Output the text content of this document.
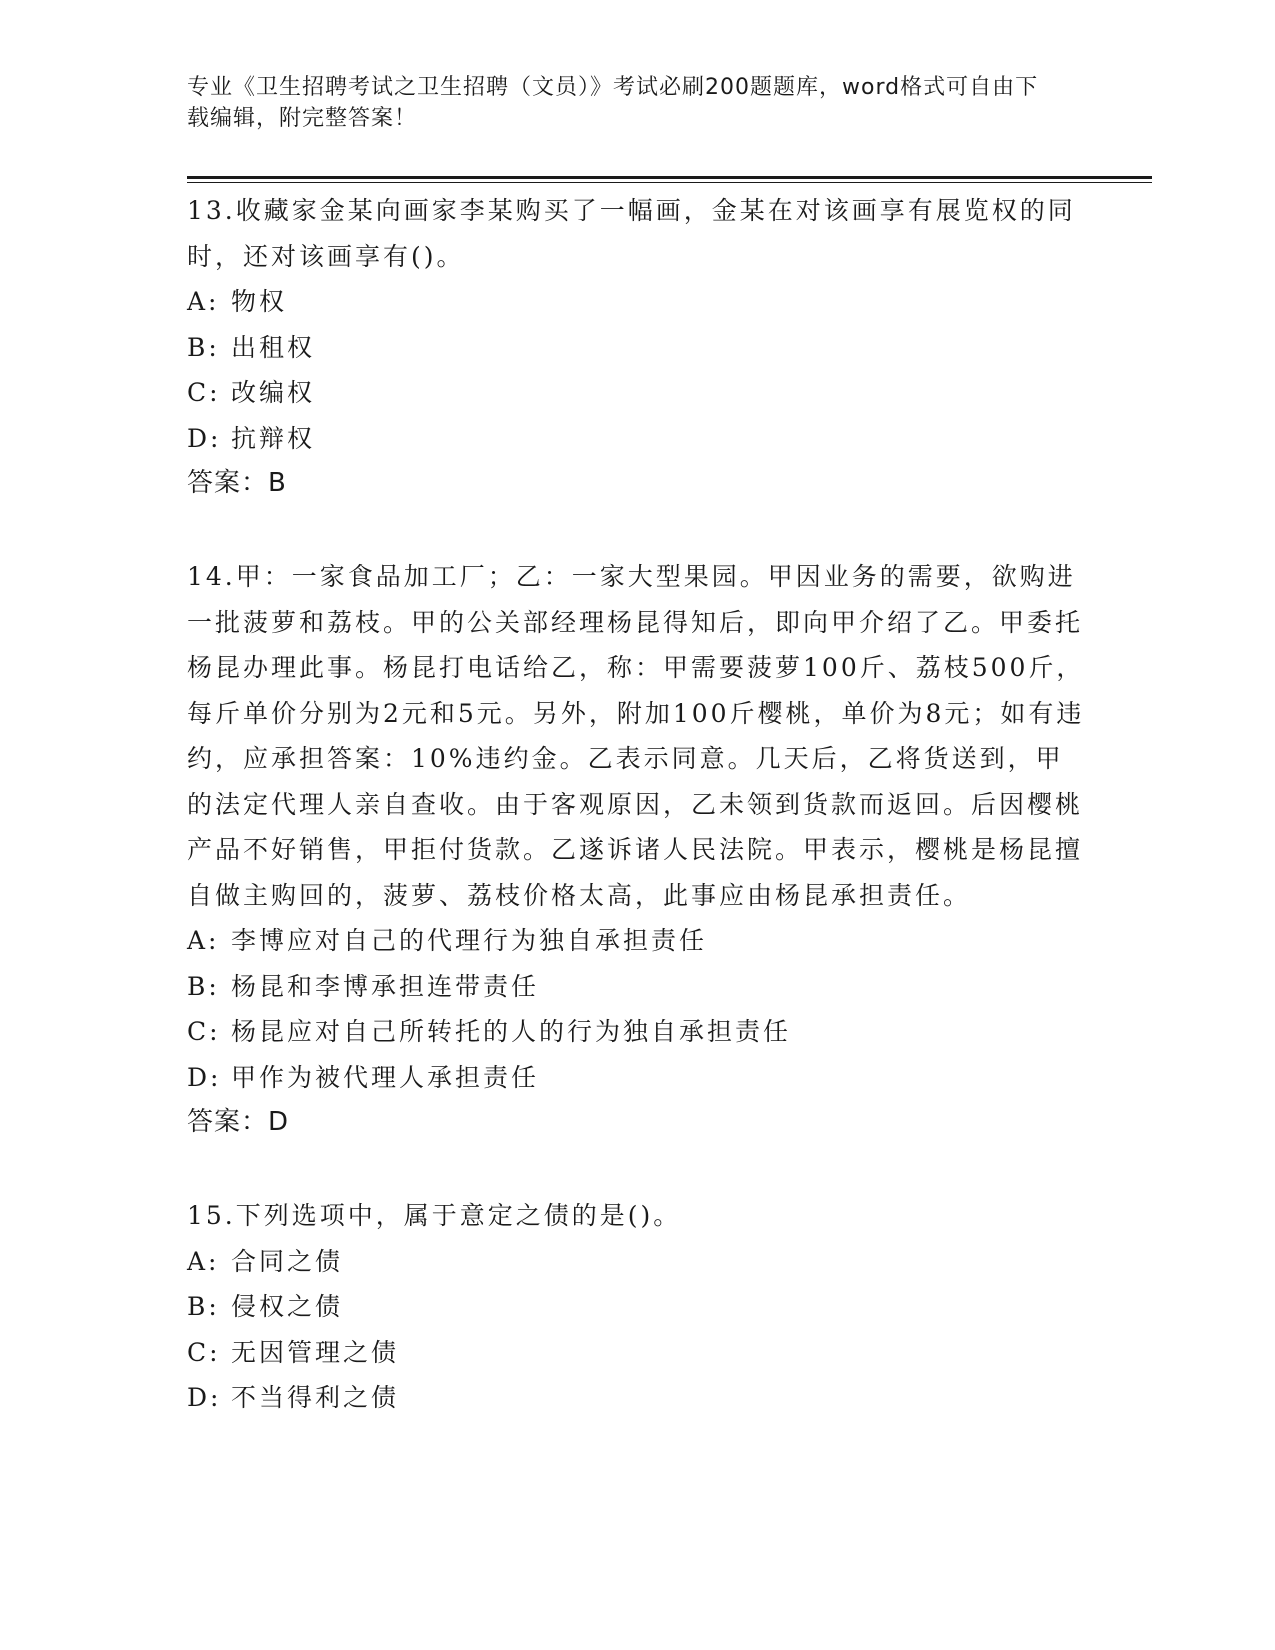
专业《卫生招聘考试之卫生招聘（文员）》考试必刷200题题库，word格式可自由下载编辑，附完整答案！

13.收藏家金某向画家李某购买了一幅画，金某在对该画享有展览权的同时，还对该画享有()。

A: 物权

B: 出租权

C: 改编权

D: 抗辩权

答案：B

14.甲：一家食品加工厂；乙：一家大型果园。甲因业务的需要，欲购进一批菠萝和荔枝。甲的公关部经理杨昆得知后，即向甲介绍了乙。甲委托杨昆办理此事。杨昆打电话给乙，称：甲需要菠萝100斤、荔枝500斤，每斤单价分别为2元和5元。另外，附加100斤樱桃，单价为8元；如有违约，应承担答案：10%违约金。乙表示同意。几天后，乙将货送到，甲的法定代理人亲自查收。由于客观原因，乙未领到货款而返回。后因樱桃产品不好销售，甲拒付货款。乙遂诉诸人民法院。甲表示，樱桃是杨昆擅自做主购回的，菠萝、荔枝价格太高，此事应由杨昆承担责任。

A: 李博应对自己的代理行为独自承担责任

B: 杨昆和李博承担连带责任

C: 杨昆应对自己所转托的人的行为独自承担责任

D: 甲作为被代理人承担责任

答案：D

15.下列选项中，属于意定之债的是()。

A: 合同之债

B: 侵权之债

C: 无因管理之债

D: 不当得利之债
